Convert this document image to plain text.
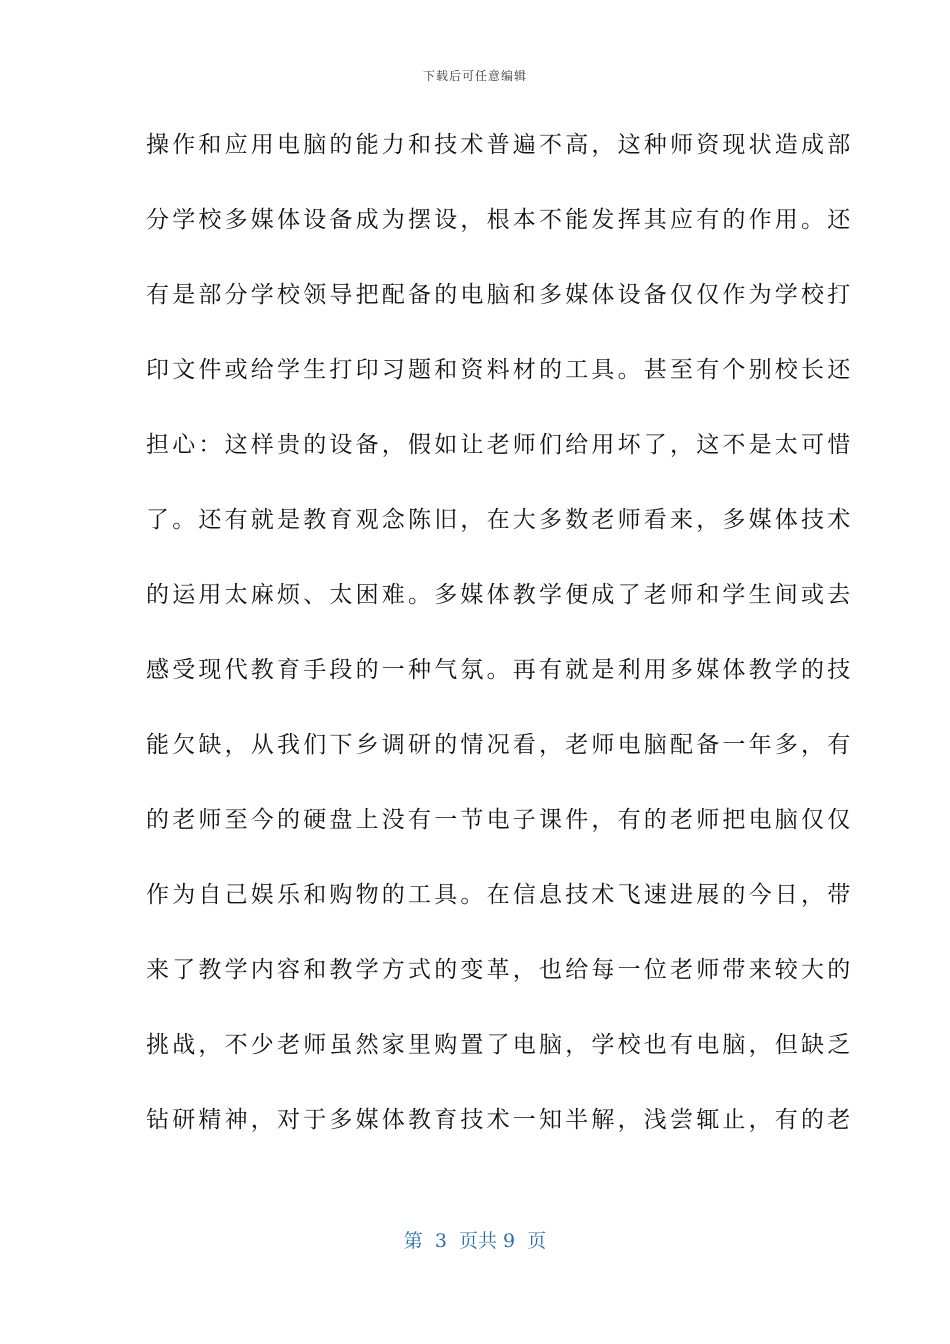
下载后可任意编辑
操作和应用电脑的能力和技术普遍不高，这种师资现状造成部
分学校多媒体设备成为摆设，根本不能发挥其应有的作用。还
有是部分学校领导把配备的电脑和多媒体设备仅仅作为学校打
印文件或给学生打印习题和资料材的工具。甚至有个别校长还
担心：这样贵的设备，假如让老师们给用坏了，这不是太可惜
了。还有就是教育观念陈旧，在大多数老师看来，多媒体技术
的运用太麻烦、太困难。多媒体教学便成了老师和学生间或去
感受现代教育手段的一种气氛。再有就是利用多媒体教学的技
能欠缺，从我们下乡调研的情况看，老师电脑配备一年多，有
的老师至今的硬盘上没有一节电子课件，有的老师把电脑仅仅
作为自己娱乐和购物的工具。在信息技术飞速进展的今日，带
来了教学内容和教学方式的变革，也给每一位老师带来较大的
挑战，不少老师虽然家里购置了电脑，学校也有电脑，但缺乏
钻研精神，对于多媒体教育技术一知半解，浅尝辄止，有的老
第  3  页共 9  页
